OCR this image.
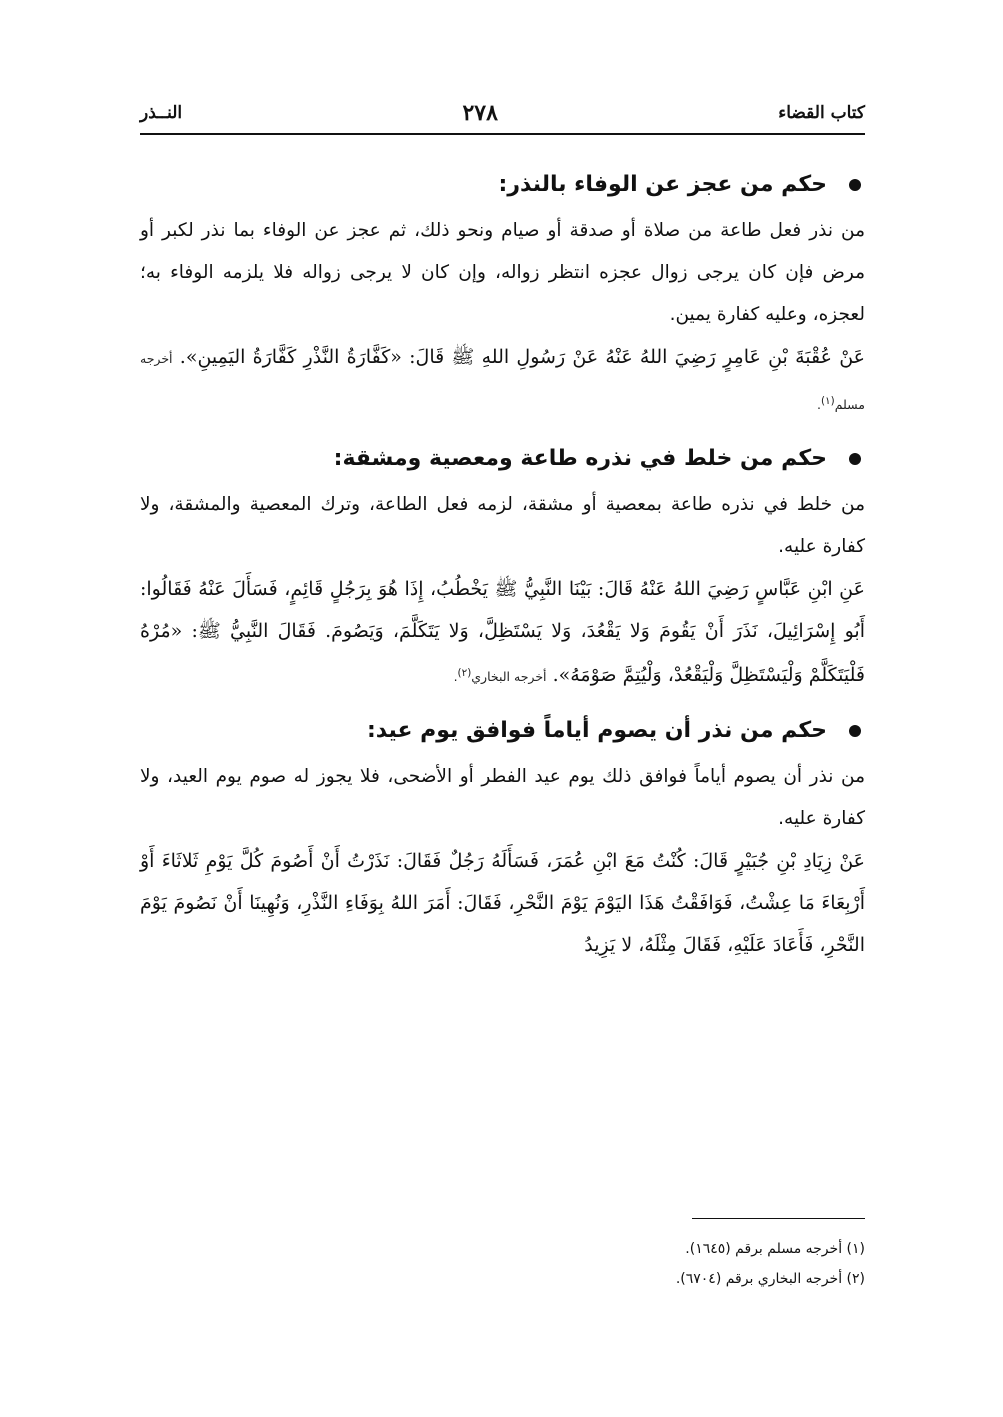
كتاب القضاء
٢٧٨
النــذر
حكم من عجز عن الوفاء بالنذر:

من نذر فعل طاعة من صلاة أو صدقة أو صيام ونحو ذلك، ثم عجز عن الوفاء بما نذر لكبر أو مرض فإن كان يرجى زوال عجزه انتظر زواله، وإن كان لا يرجى زواله فلا يلزمه الوفاء به؛ لعجزه، وعليه كفارة يمين.

عَنْ عُقْبَةَ بْنِ عَامِرٍ رَضِيَ اللهُ عَنْهُ عَنْ رَسُولِ اللهِ ﷺ قَالَ: «كَفَّارَةُ النَّذْرِ كَفَّارَةُ اليَمِينِ». أخرجه مسلم$^{(١)}$.

حكم من خلط في نذره طاعة ومعصية ومشقة:

من خلط في نذره طاعة بمعصية أو مشقة، لزمه فعل الطاعة، وترك المعصية والمشقة، ولا كفارة عليه.

عَنِ ابْنِ عَبَّاسٍ رَضِيَ اللهُ عَنْهُ قَالَ: بَيْنَا النَّبِيُّ ﷺ يَخْطُبُ، إِذَا هُوَ بِرَجُلٍ قَائِمٍ، فَسَأَلَ عَنْهُ فَقَالُوا: أَبُو إِسْرَائِيلَ، نَذَرَ أَنْ يَقُومَ وَلا يَقْعُدَ، وَلا يَسْتَظِلَّ، وَلا يَتَكَلَّمَ، وَيَصُومَ. فَقَالَ النَّبِيُّ ﷺ: «مُرْهُ فَلْيَتَكَلَّمْ وَلْيَسْتَظِلَّ وَلْيَقْعُدْ، وَلْيُتِمَّ صَوْمَهُ». أخرجه البخاري$^{(٢)}$.

حكم من نذر أن يصوم أياماً فوافق يوم عيد:

من نذر أن يصوم أياماً فوافق ذلك يوم عيد الفطر أو الأضحى، فلا يجوز له صوم يوم العيد، ولا كفارة عليه.

عَنْ زِيَادِ بْنِ جُبَيْرٍ قَالَ: كُنْتُ مَعَ ابْنِ عُمَرَ، فَسَأَلَهُ رَجُلٌ فَقَالَ: نَذَرْتُ أَنْ أَصُومَ كُلَّ يَوْمِ ثَلاثَاءَ أَوْ أَرْبِعَاءَ مَا عِشْتُ، فَوَافَقْتُ هَذَا اليَوْمَ يَوْمَ النَّحْرِ، فَقَالَ: أَمَرَ اللهُ بِوَفَاءِ النَّذْرِ، وَنُهِينَا أَنْ نَصُومَ يَوْمَ النَّحْرِ، فَأَعَادَ عَلَيْهِ، فَقَالَ مِثْلَهُ، لا يَزِيدُ

(١) أخرجه مسلم برقم (١٦٤٥).
(٢) أخرجه البخاري برقم (٦٧٠٤).
